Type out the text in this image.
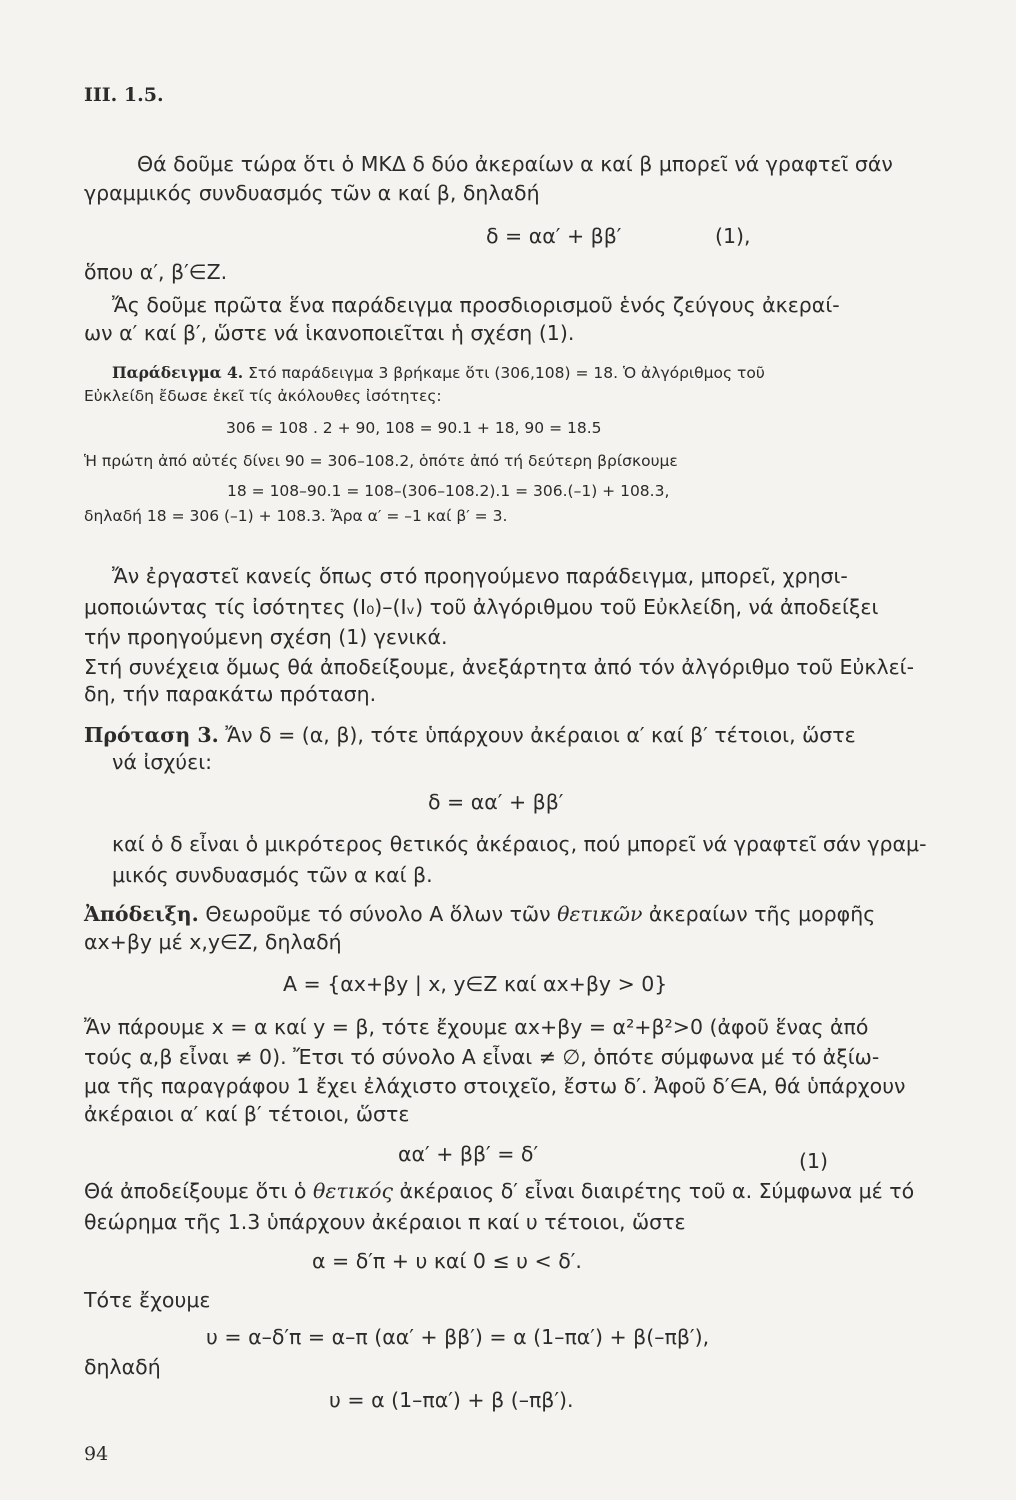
III. 1.5.
Θά δοῦμε τώρα ὅτι ὁ ΜΚΔ δ δύο ἀκεραίων α καί β μπορεῖ νά γραφτεῖ σάν
γραμμικός συνδυασμός τῶν α καί β, δηλαδή
δ = αα′ + ββ′	(1),
ὅπου α′, β′∈Z.
Ἄς δοῦμε πρῶτα ἕνα παράδειγμα προσδιορισμοῦ ἑνός ζεύγους ἀκεραί-
ων α′ καί β′, ὥστε νά ἱκανοποιεῖται ἡ σχέση (1).
Παράδειγμα 4. Στό παράδειγμα 3 βρήκαμε ὅτι (306,108) = 18. Ὁ ἀλγόριθμος τοῦ
Εὐκλείδη ἔδωσε ἐκεῖ τίς ἀκόλουθες ἰσότητες:
306 = 108 . 2 + 90, 108 = 90.1 + 18, 90 = 18.5
Ἡ πρώτη ἀπό αὐτές δίνει 90 = 306–108.2, ὁπότε ἀπό τή δεύτερη βρίσκουμε
18 = 108–90.1 = 108–(306–108.2).1 = 306.(–1) + 108.3,
δηλαδή 18 = 306 (–1) + 108.3. Ἄρα α′ = –1 καί β′ = 3.
Ἄν ἐργαστεῖ κανείς ὅπως στό προηγούμενο παράδειγμα, μπορεῖ, χρησι-
μοποιώντας τίς ἰσότητες (I₀)–(Iᵥ) τοῦ ἀλγόριθμου τοῦ Εὐκλείδη, νά ἀποδείξει
τήν προηγούμενη σχέση (1) γενικά.
Στή συνέχεια ὅμως θά ἀποδείξουμε, ἀνεξάρτητα ἀπό τόν ἀλγόριθμο τοῦ Εὐκλεί-
δη, τήν παρακάτω πρόταση.
Πρόταση 3. Ἄν δ = (α, β), τότε ὑπάρχουν ἀκέραιοι α′ καί β′ τέτοιοι, ὥστε
νά ἰσχύει:
δ = αα′ + ββ′
καί ὁ δ εἶναι ὁ μικρότερος θετικός ἀκέραιος, πού μπορεῖ νά γραφτεῖ σάν γραμ-
μικός συνδυασμός τῶν α καί β.
Ἀπόδειξη. Θεωροῦμε τό σύνολο Α ὅλων τῶν θετικῶν ἀκεραίων τῆς μορφῆς
αx+βy μέ x,y∈Z, δηλαδή
A = {αx+βy | x, y∈Z καί αx+βy > 0}
Ἄν πάρουμε x = α καί y = β, τότε ἔχουμε αx+βy = α²+β²>0 (ἀφοῦ ἕνας ἀπό
τούς α,β εἶναι ≠ 0). Ἔτσι τό σύνολο Α εἶναι ≠ ∅, ὁπότε σύμφωνα μέ τό ἀξίω-
μα τῆς παραγράφου 1 ἔχει ἐλάχιστο στοιχεῖο, ἔστω δ′. Ἀφοῦ δ′∈Α, θά ὑπάρχουν
ἀκέραιοι α′ καί β′ τέτοιοι, ὥστε
αα′ + ββ′ = δ′	(1)
Θά ἀποδείξουμε ὅτι ὁ θετικός ἀκέραιος δ′ εἶναι διαιρέτης τοῦ α. Σύμφωνα μέ τό
θεώρημα τῆς 1.3 ὑπάρχουν ἀκέραιοι π καί υ τέτοιοι, ὥστε
α = δ′π + υ καί 0 ≤ υ < δ′.
Τότε ἔχουμε
υ = α–δ′π = α–π (αα′ + ββ′) = α (1–πα′) + β(–πβ′),
δηλαδή
υ = α (1–πα′) + β (–πβ′).
94
